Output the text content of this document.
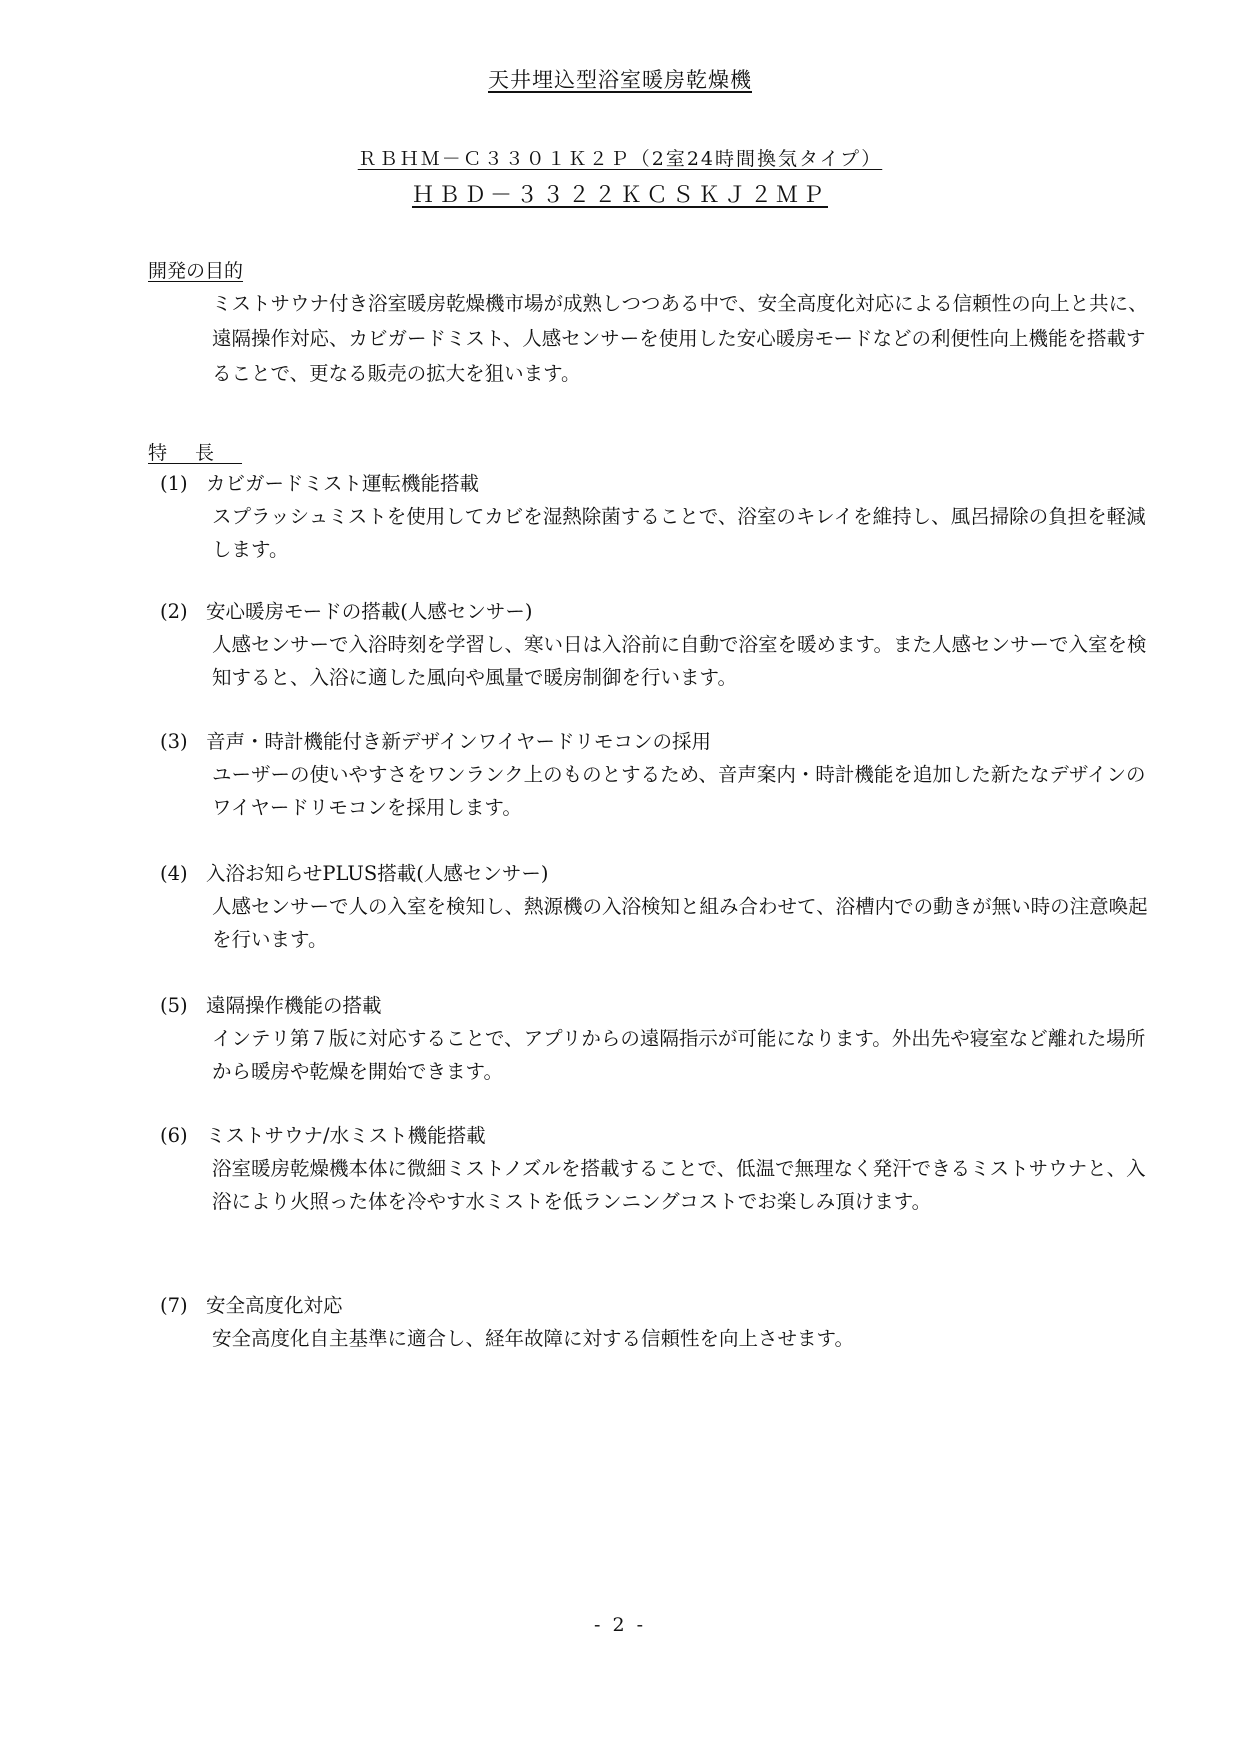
天井埋込型浴室暖房乾燥機
ＲＢＨＭ－Ｃ３３０１Ｋ２Ｐ（2室24時間換気タイプ）
ＨＢＤ－３３２２ＫＣＳＫＪ２ＭＰ
開発の目的

ミストサウナ付き浴室暖房乾燥機市場が成熟しつつある中で、安全高度化対応による信頼性の向上と共に、遠隔操作対応、カビガードミスト、人感センサーを使用した安心暖房モードなどの利便性向上機能を搭載することで、更なる販売の拡大を狙います。

特長
(1) カビガードミスト運転機能搭載
スプラッシュミストを使用してカビを湿熱除菌することで、浴室のキレイを維持し、風呂掃除の負担を軽減します。
(2) 安心暖房モードの搭載(人感センサー)
人感センサーで入浴時刻を学習し、寒い日は入浴前に自動で浴室を暖めます。また人感センサーで入室を検知すると、入浴に適した風向や風量で暖房制御を行います。
(3) 音声・時計機能付き新デザインワイヤードリモコンの採用
ユーザーの使いやすさをワンランク上のものとするため、音声案内・時計機能を追加した新たなデザインのワイヤードリモコンを採用します。
(4) 入浴お知らせPLUS搭載(人感センサー)
人感センサーで人の入室を検知し、熱源機の入浴検知と組み合わせて、浴槽内での動きが無い時の注意喚起を行います。
(5) 遠隔操作機能の搭載
インテリ第７版に対応することで、アプリからの遠隔指示が可能になります。外出先や寝室など離れた場所から暖房や乾燥を開始できます。
(6) ミストサウナ/水ミスト機能搭載
浴室暖房乾燥機本体に微細ミストノズルを搭載することで、低温で無理なく発汗できるミストサウナと、入浴により火照った体を冷やす水ミストを低ランニングコストでお楽しみ頂けます。
(7) 安全高度化対応
安全高度化自主基準に適合し、経年故障に対する信頼性を向上させます。
- 2 -
